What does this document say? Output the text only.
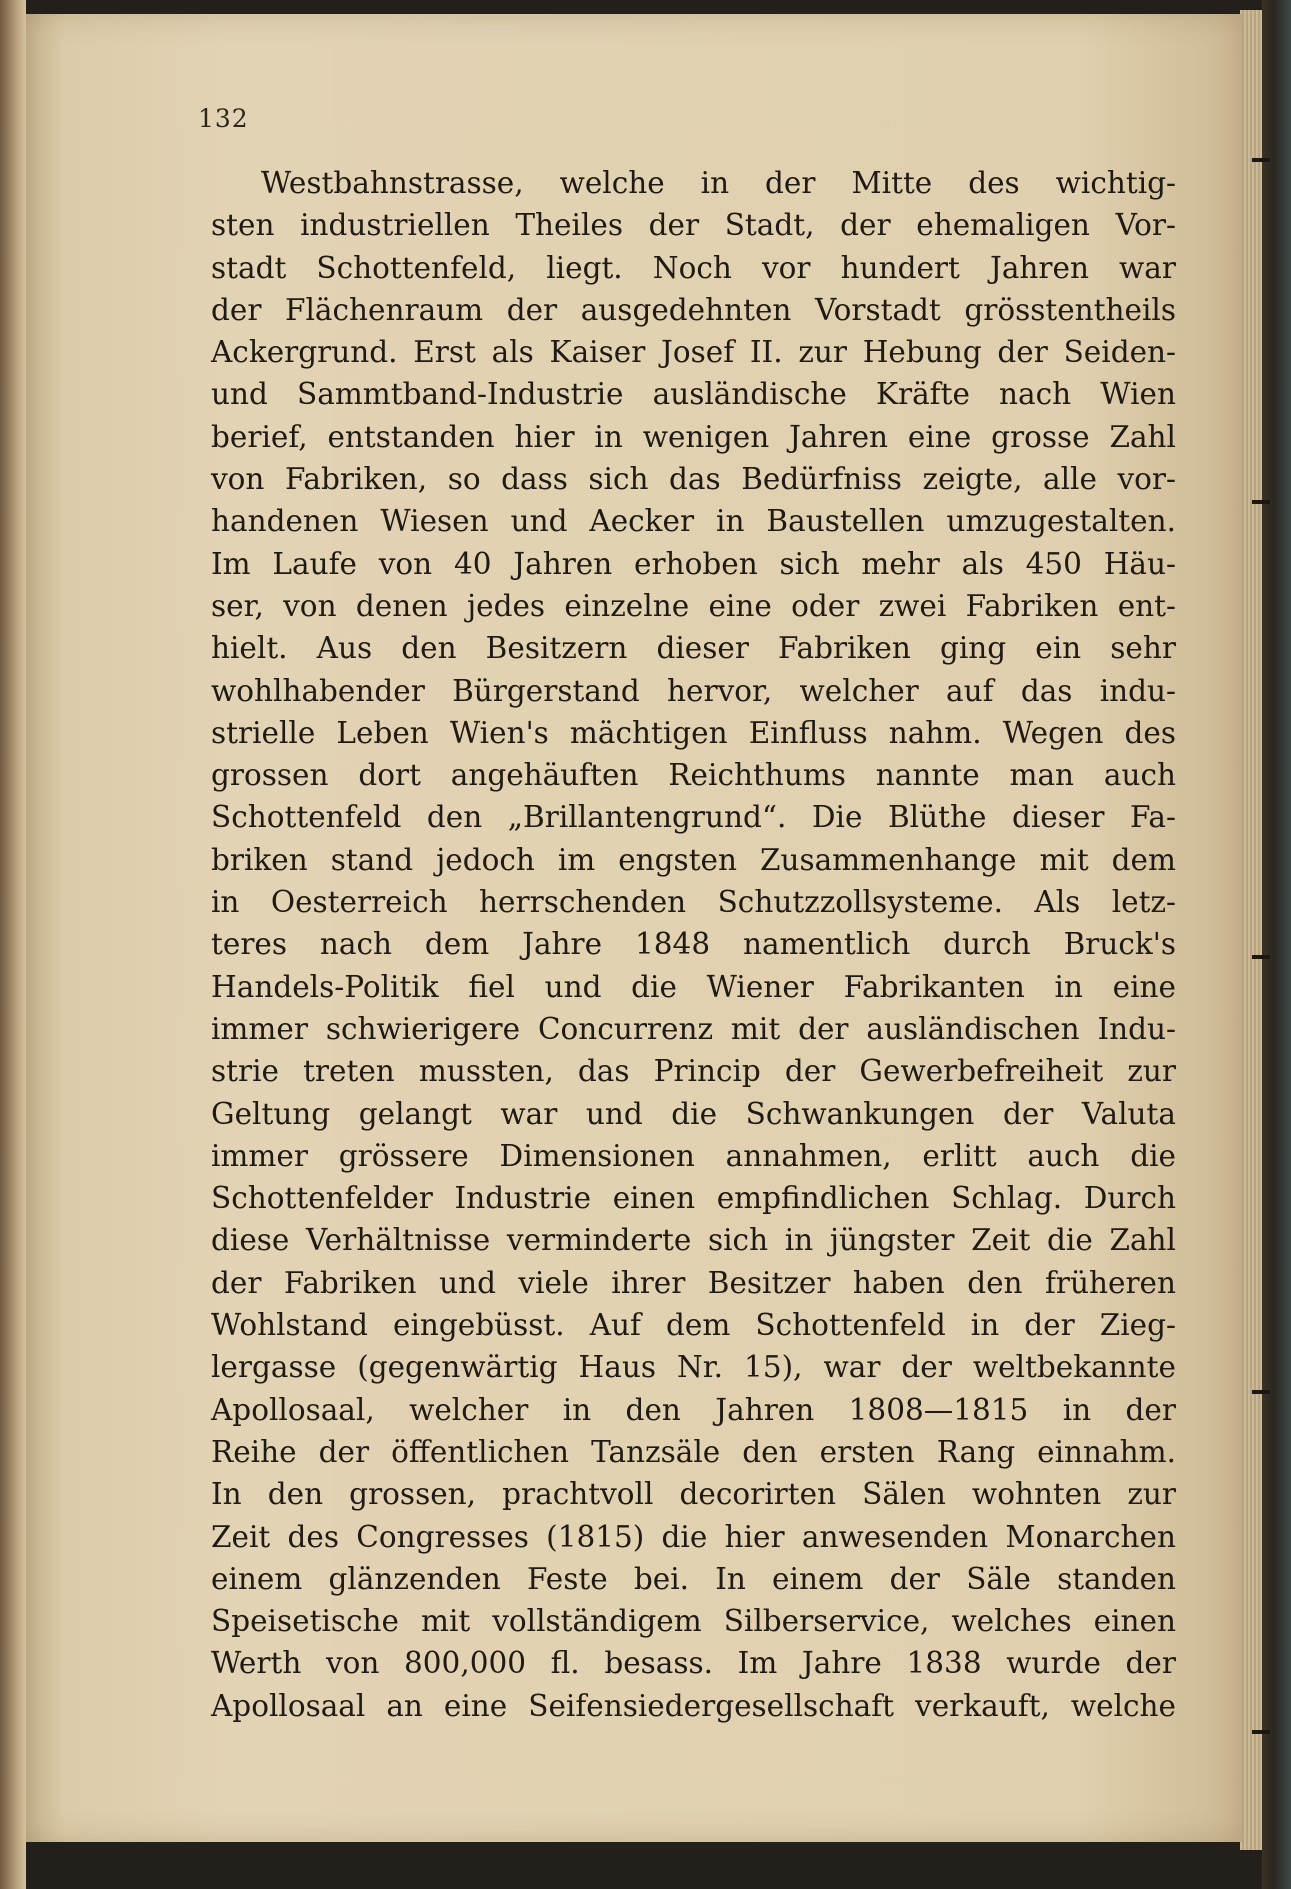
132
Westbahnstrasse, welche in der Mitte des wichtig-
sten industriellen Theiles der Stadt, der ehemaligen Vor-
stadt Schottenfeld, liegt. Noch vor hundert Jahren war
der Flächenraum der ausgedehnten Vorstadt grösstentheils
Ackergrund. Erst als Kaiser Josef II. zur Hebung der Seiden-
und Sammtband-Industrie ausländische Kräfte nach Wien
berief, entstanden hier in wenigen Jahren eine grosse Zahl
von Fabriken, so dass sich das Bedürfniss zeigte, alle vor-
handenen Wiesen und Aecker in Baustellen umzugestalten.
Im Laufe von 40 Jahren erhoben sich mehr als 450 Häu-
ser, von denen jedes einzelne eine oder zwei Fabriken ent-
hielt. Aus den Besitzern dieser Fabriken ging ein sehr
wohlhabender Bürgerstand hervor, welcher auf das indu-
strielle Leben Wien's mächtigen Einfluss nahm. Wegen des
grossen dort angehäuften Reichthums nannte man auch
Schottenfeld den „Brillantengrund“. Die Blüthe dieser Fa-
briken stand jedoch im engsten Zusammenhange mit dem
in Oesterreich herrschenden Schutzzollsysteme. Als letz-
teres nach dem Jahre 1848 namentlich durch Bruck's
Handels-Politik fiel und die Wiener Fabrikanten in eine
immer schwierigere Concurrenz mit der ausländischen Indu-
strie treten mussten, das Princip der Gewerbefreiheit zur
Geltung gelangt war und die Schwankungen der Valuta
immer grössere Dimensionen annahmen, erlitt auch die
Schottenfelder Industrie einen empfindlichen Schlag. Durch
diese Verhältnisse verminderte sich in jüngster Zeit die Zahl
der Fabriken und viele ihrer Besitzer haben den früheren
Wohlstand eingebüsst. Auf dem Schottenfeld in der Zieg-
lergasse (gegenwärtig Haus Nr. 15), war der weltbekannte
Apollosaal, welcher in den Jahren 1808—1815 in der
Reihe der öffentlichen Tanzsäle den ersten Rang einnahm.
In den grossen, prachtvoll decorirten Sälen wohnten zur
Zeit des Congresses (1815) die hier anwesenden Monarchen
einem glänzenden Feste bei. In einem der Säle standen
Speisetische mit vollständigem Silberservice, welches einen
Werth von 800,000 fl. besass. Im Jahre 1838 wurde der
Apollosaal an eine Seifensiedergesellschaft verkauft, welche
